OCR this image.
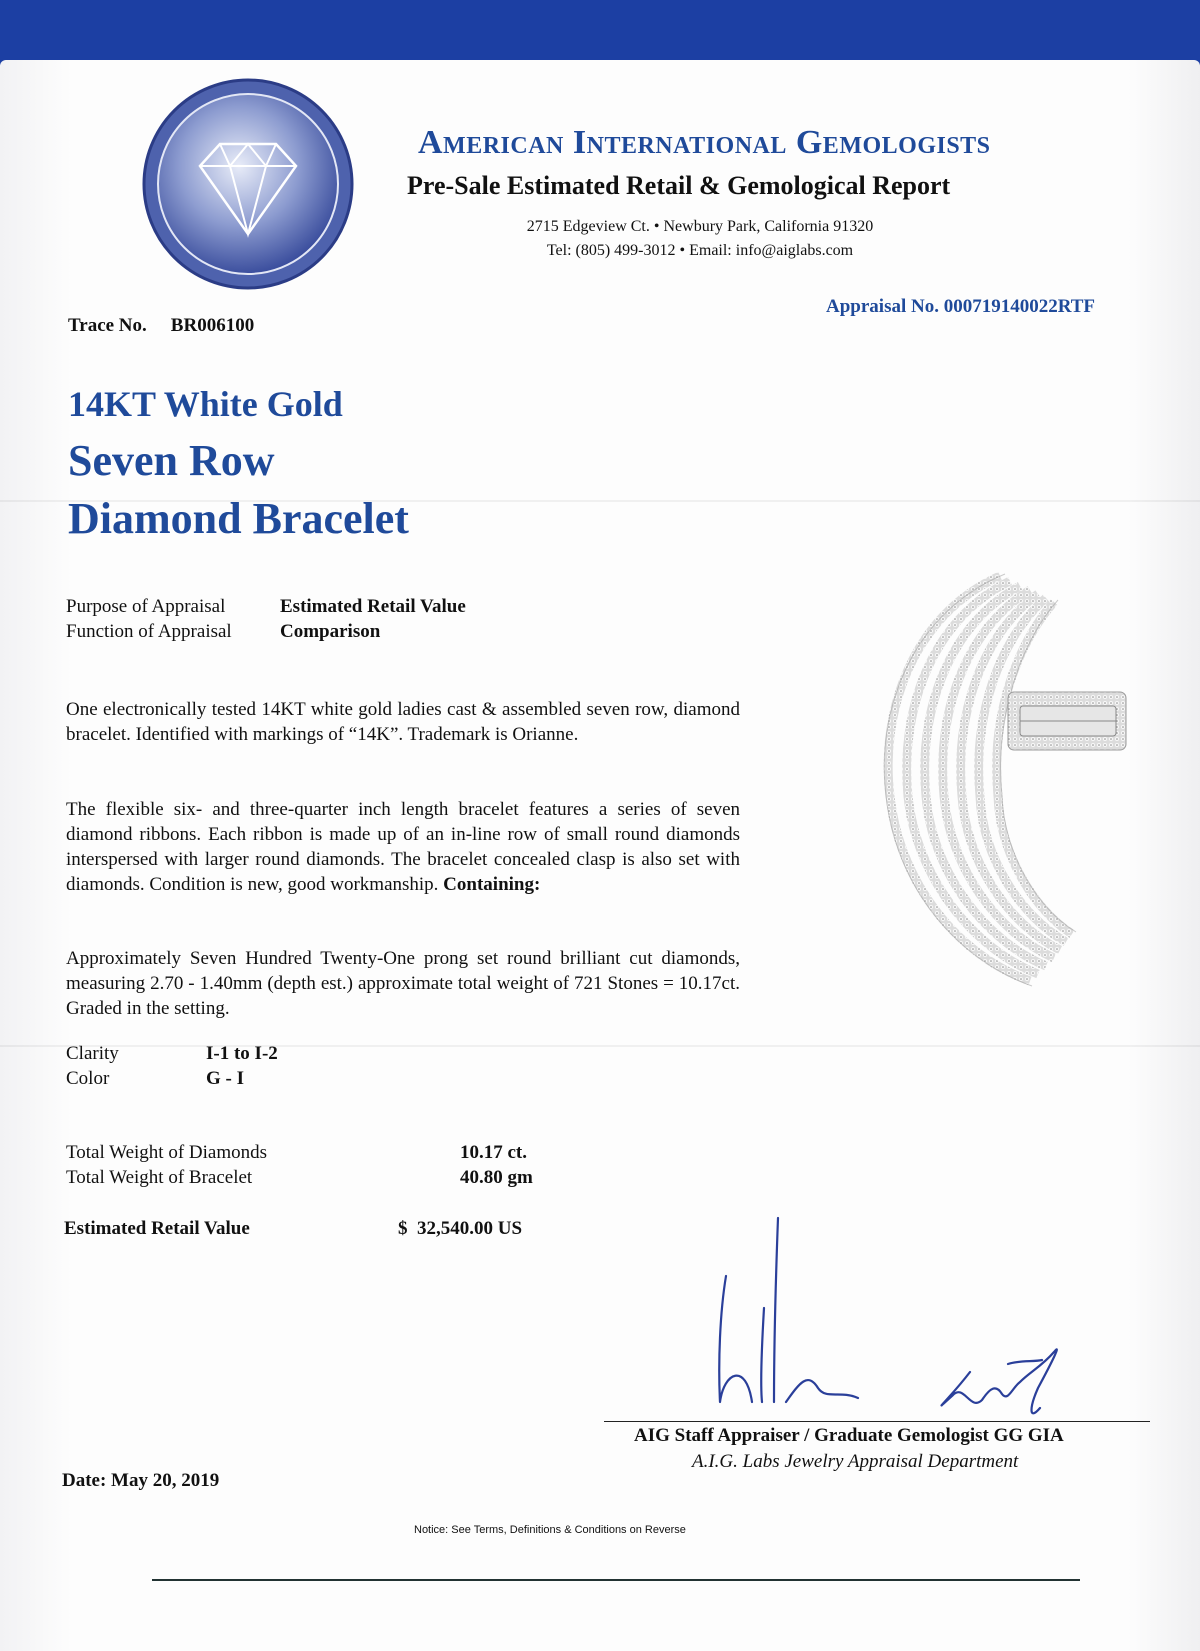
American International Gemologists
Pre-Sale Estimated Retail & Gemological Report
2715 Edgeview Ct. • Newbury Park, California 91320
Tel: (805) 499-3012 • Email: info@aiglabs.com
Appraisal No. 000719140022RTF
Trace No. BR006100
14KT White Gold
Seven Row
Diamond Bracelet
Purpose of Appraisal	Estimated Retail Value
Function of Appraisal	Comparison
One electronically tested 14KT white gold ladies cast & assembled seven row, diamond bracelet. Identified with markings of “14K”. Trademark is Orianne.
The flexible six- and three-quarter inch length bracelet features a series of seven diamond ribbons. Each ribbon is made up of an in-line row of small round diamonds interspersed with larger round diamonds. The bracelet concealed clasp is also set with diamonds. Condition is new, good workmanship. Containing:
Approximately Seven Hundred Twenty-One prong set round brilliant cut diamonds, measuring 2.70 - 1.40mm (depth est.) approximate total weight of 721 Stones = 10.17ct. Graded in the setting.
Clarity	I-1 to I-2
Color	G - I
Total Weight of Diamonds	10.17 ct.
Total Weight of Bracelet	40.80 gm
Estimated Retail Value	$  32,540.00 US
AIG Staff Appraiser / Graduate Gemologist GG GIA
A.I.G. Labs Jewelry Appraisal Department
Date: May 20, 2019
Notice: See Terms, Definitions & Conditions on Reverse
